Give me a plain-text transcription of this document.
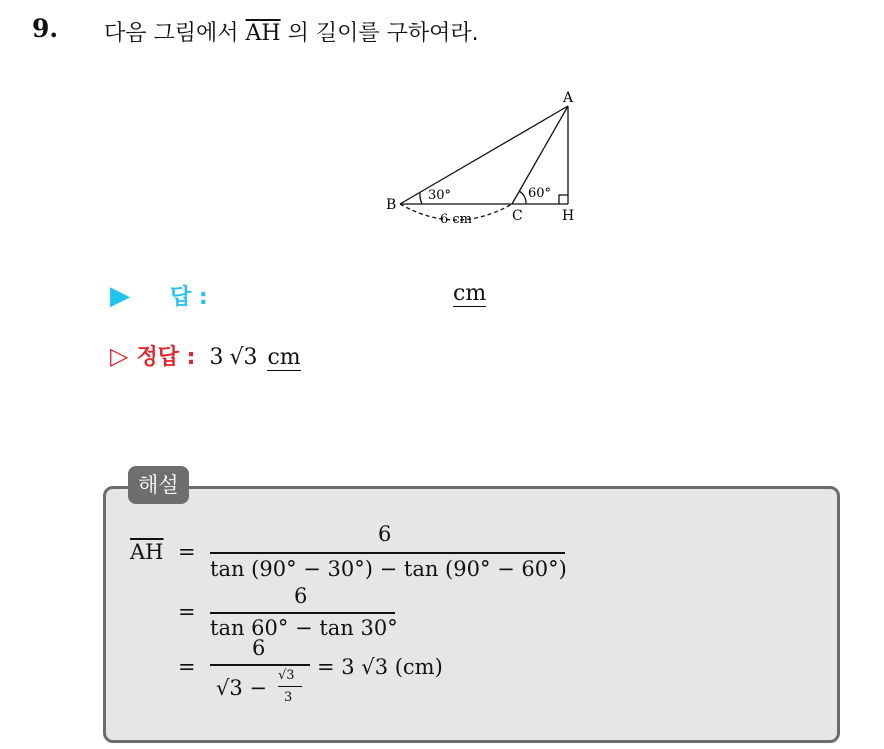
9. 다음 그림에서 $\overline{AH}$ 의 길이를 구하여라.
A
B
C	H
30°	60°
6 cm
▶	답 :	cm
▷ 정답 : 3 √3 cm
해설
$\overline{AH}$ =
6
tan (90° − 30°) − tan (90° − 60°)
=
6
tan 60° − tan 30°
=
6
√3 −
√3
3
= 3 √3 (cm)
